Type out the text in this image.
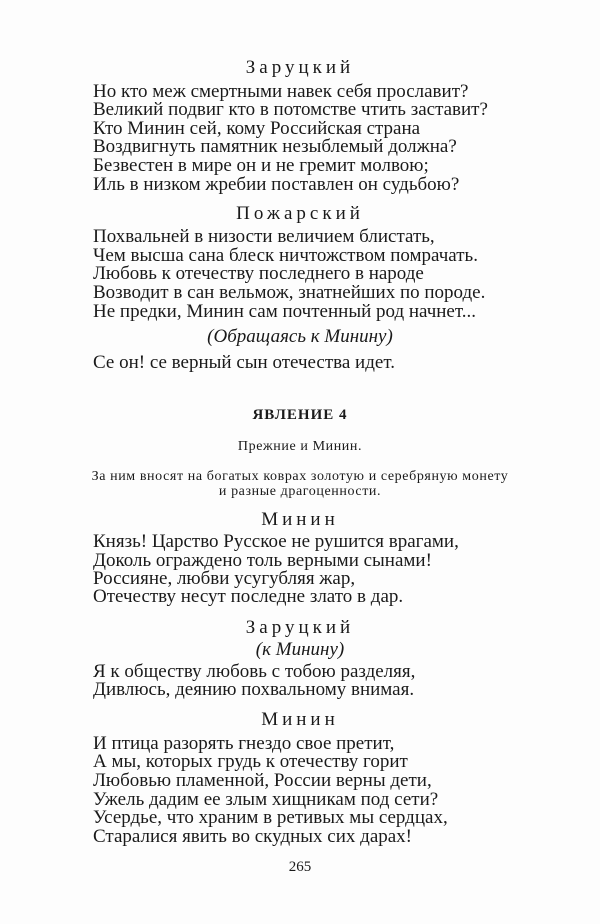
265
Заруцкий
Но кто меж смертными навек себя прославит?
Великий подвиг кто в потомстве чтить заставит?
Кто Минин сей, кому Российская страна
Воздвигнуть памятник незыблемый должна?
Безвестен в мире он и не гремит молвою;
Иль в низком жребии поставлен он судьбою?
Пожарский
Похвальней в низости величием блистать,
Чем высша сана блеск ничтожством помрачать.
Любовь к отечеству последнего в народе
Возводит в сан вельмож, знатнейших по породе.
Не предки, Минин сам почтенный род начнет...
(Обращаясь к Минину)
Се он! се верный сын отечества идет.
ЯВЛЕНИЕ 4
Прежние и Минин.
За ним вносят на богатых коврах золотую и серебряную монету
и разные драгоценности.
Минин
Князь! Царство Русское не рушится врагами,
Доколь ограждено толь верными сынами!
Россияне, любви усугубляя жар,
Отечеству несут последне злато в дар.
Заруцкий
(к Минину)
Я к обществу любовь с тобою разделяя,
Дивлюсь, деянию похвальному внимая.
Минин
И птица разорять гнездо свое претит,
А мы, которых грудь к отечеству горит
Любовью пламенной, России верны дети,
Ужель дадим ее злым хищникам под сети?
Усердье, что храним в ретивых мы сердцах,
Старалися явить во скудных сих дарах!
